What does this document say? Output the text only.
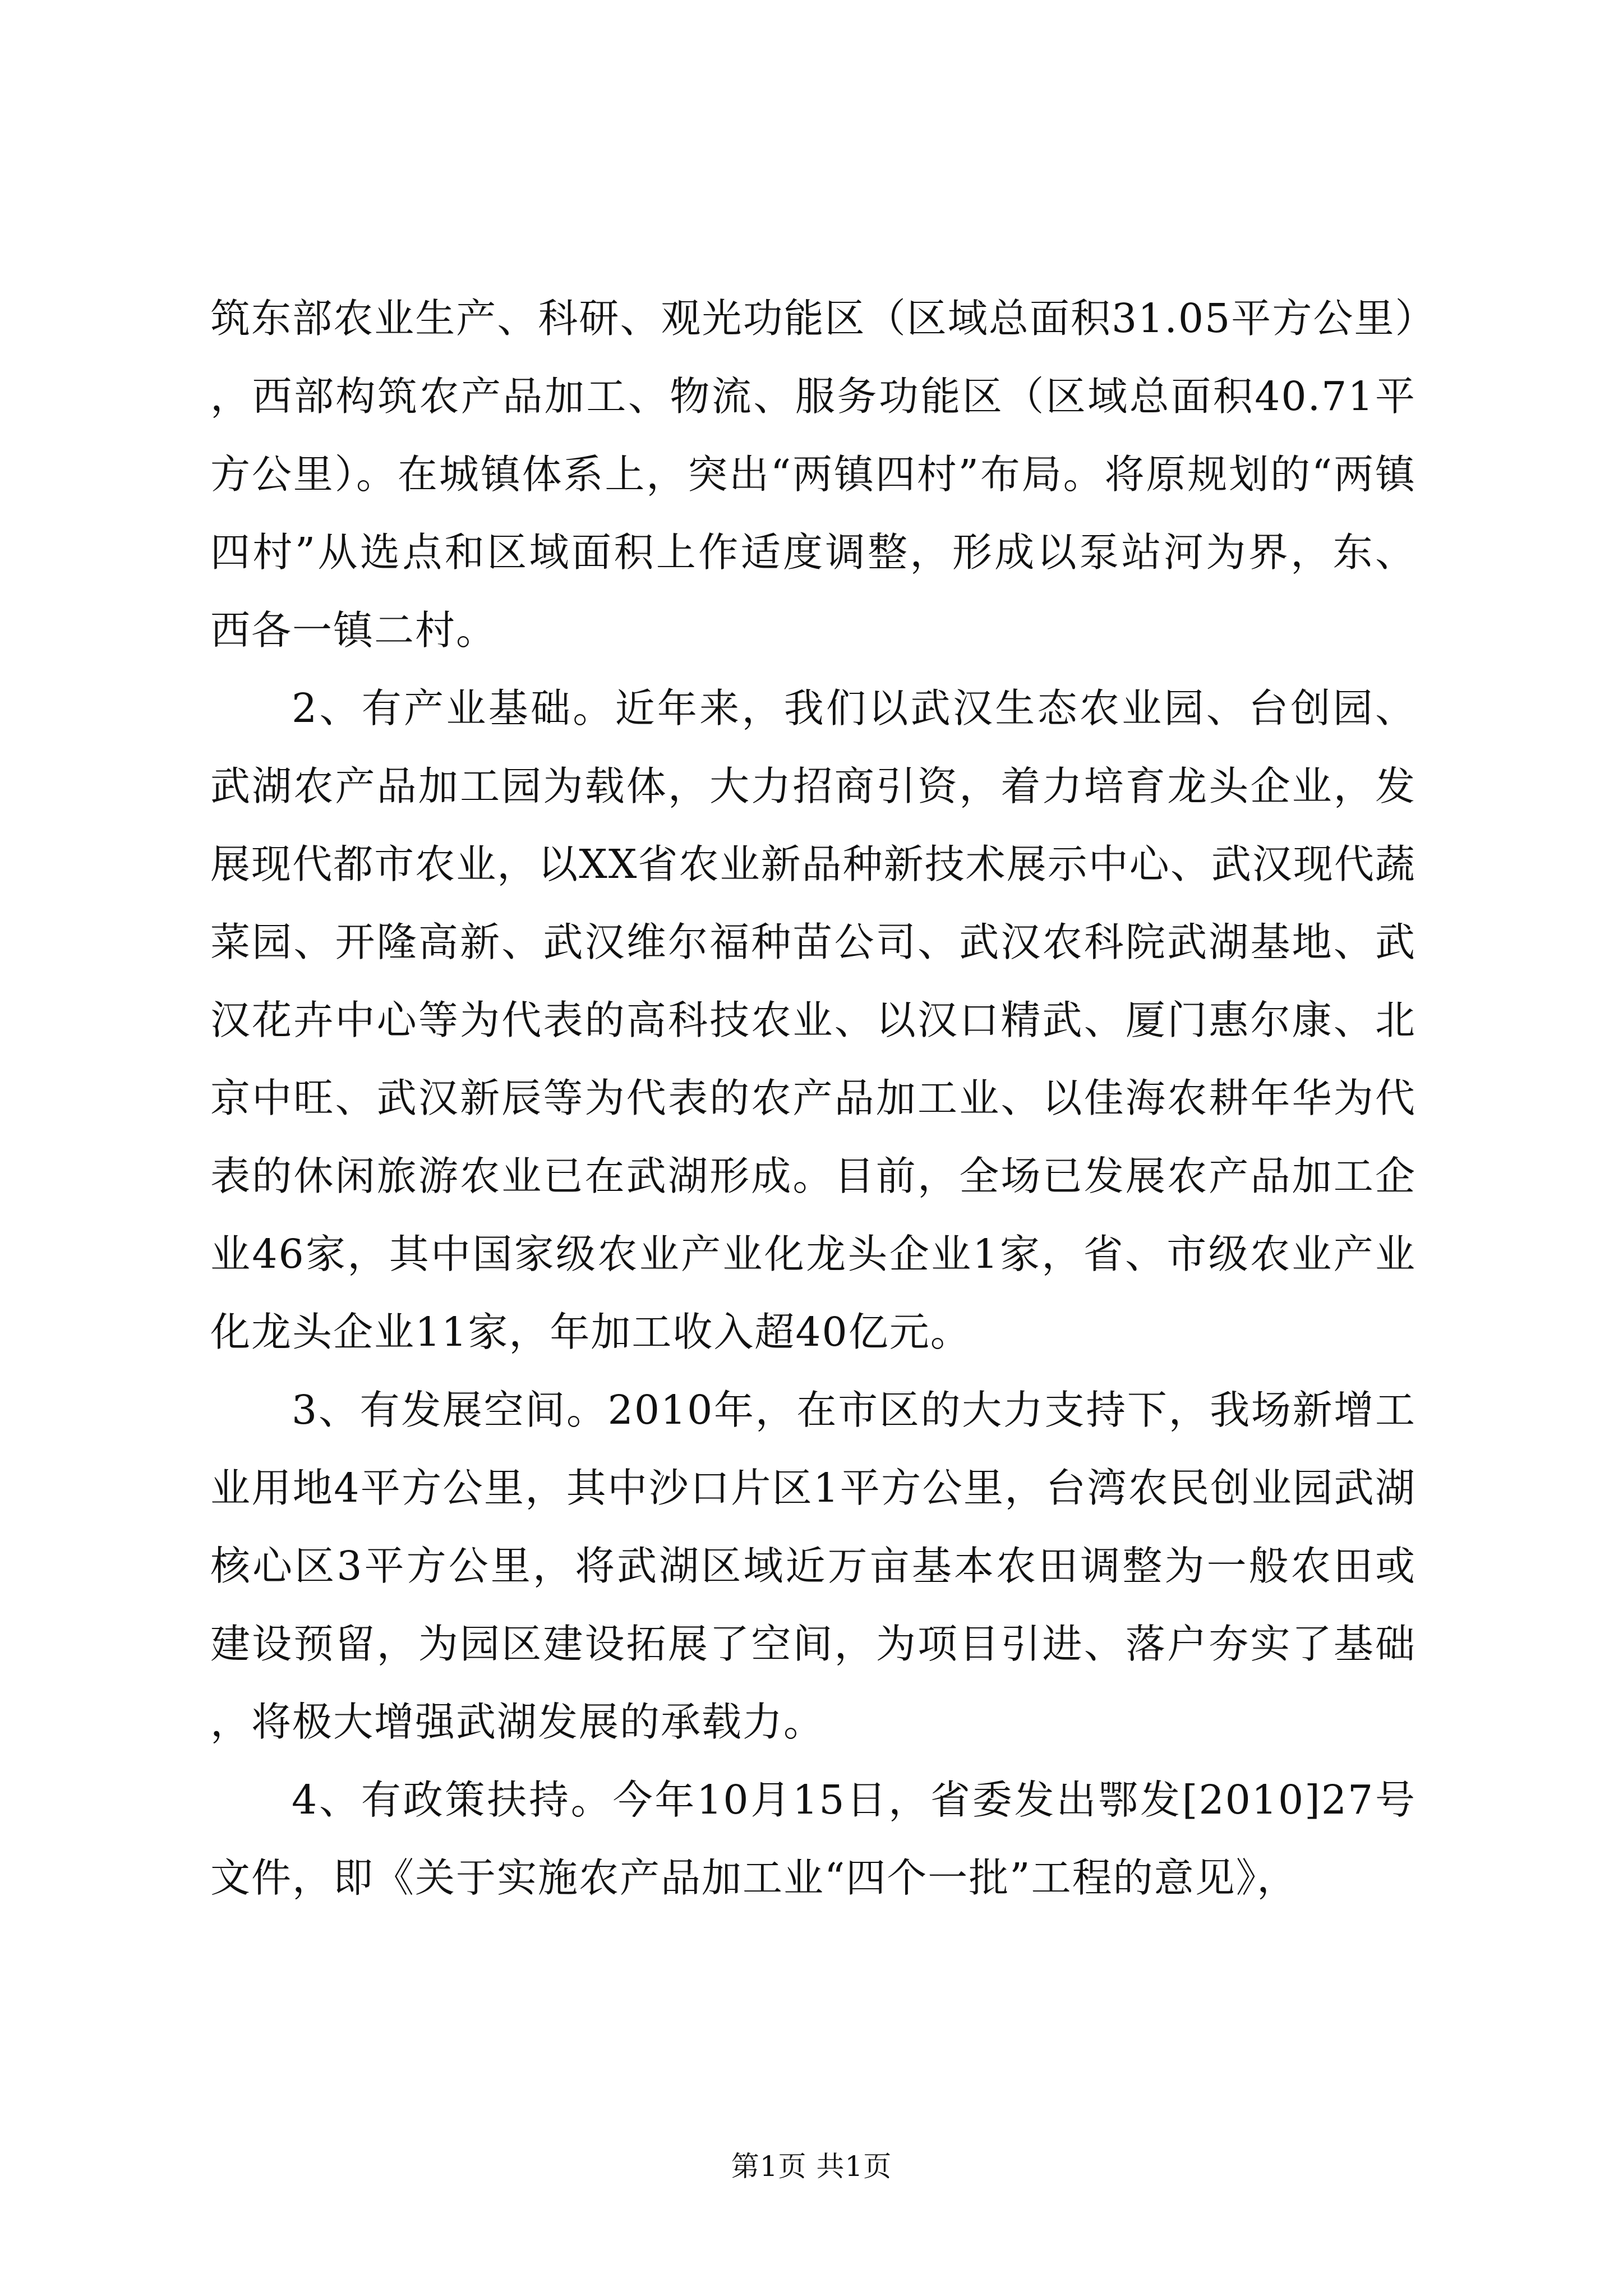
筑东部农业生产、科研、观光功能区（区域总面积31.05平方公里），西部构筑农产品加工、物流、服务功能区（区域总面积40.71平方公里）。在城镇体系上，突出“两镇四村”布局。将原规划的“两镇四村”从选点和区域面积上作适度调整，形成以泵站河为界，东、西各一镇二村。

2、有产业基础。近年来，我们以武汉生态农业园、台创园、武湖农产品加工园为载体，大力招商引资，着力培育龙头企业，发展现代都市农业，以XX省农业新品种新技术展示中心、武汉现代蔬菜园、开隆高新、武汉维尔福种苗公司、武汉农科院武湖基地、武汉花卉中心等为代表的高科技农业、以汉口精武、厦门惠尔康、北京中旺、武汉新辰等为代表的农产品加工业、以佳海农耕年华为代表的休闲旅游农业已在武湖形成。目前，全场已发展农产品加工企业46家，其中国家级农业产业化龙头企业1家，省、市级农业产业化龙头企业11家，年加工收入超40亿元。

3、有发展空间。2010年，在市区的大力支持下，我场新增工业用地4平方公里，其中沙口片区1平方公里，台湾农民创业园武湖核心区3平方公里，将武湖区域近万亩基本农田调整为一般农田或建设预留，为园区建设拓展了空间，为项目引进、落户夯实了基础，将极大增强武湖发展的承载力。

4、有政策扶持。今年10月15日，省委发出鄂发[2010]27号文件，即《关于实施农产品加工业“四个一批”工程的意见》，

第1页 共1页
